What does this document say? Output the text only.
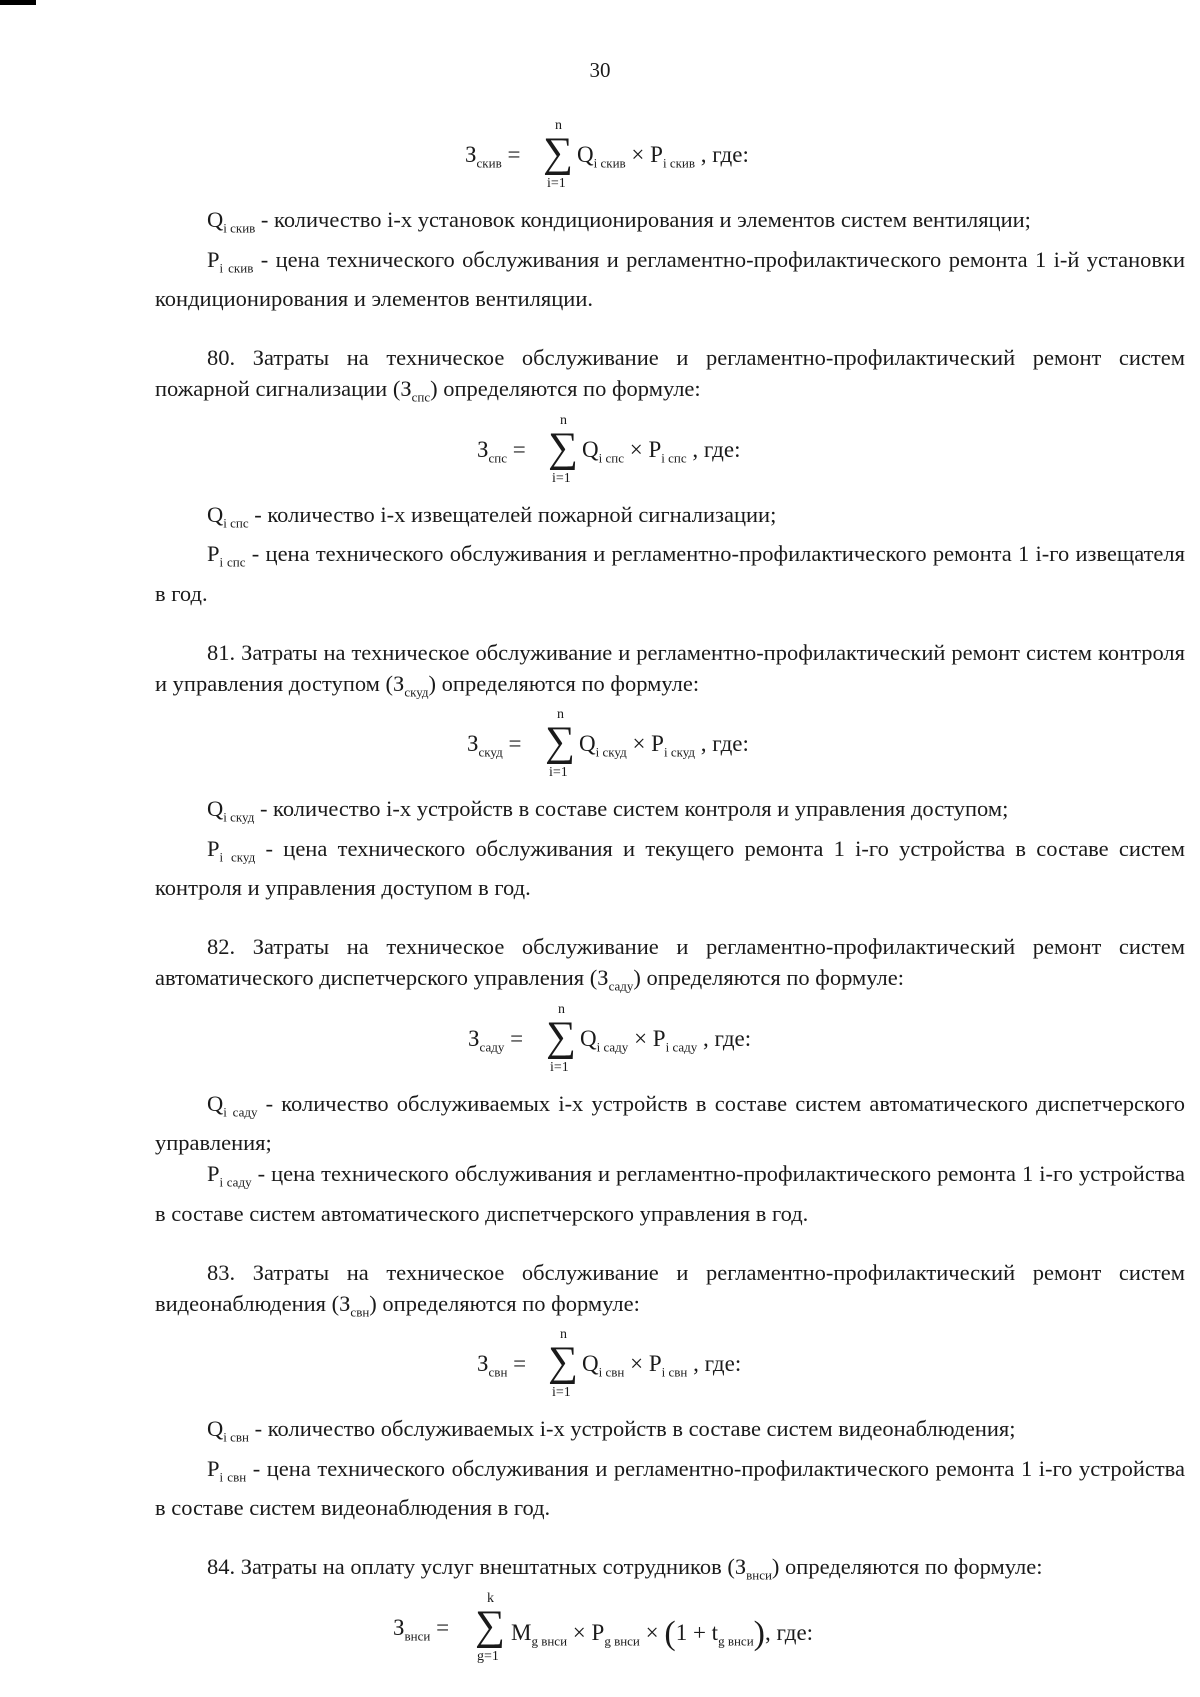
30
$З_{скив}$ =
n
∑
i=1
$Q_{i скив} \times P_{i скив}$ , где:

$Q_{i скив}$ - количество i-х установок кондиционирования и элементов систем вентиляции;

$P_{i скив}$ - цена технического обслуживания и регламентно-профилактического ремонта 1 i-й установки кондиционирования и элементов вентиляции.

80. Затраты на техническое обслуживание и регламентно-профилактический ремонт систем пожарной сигнализации $(З_{спс})$ определяются по формуле:

$З_{спс}$ =
n
∑
i=1
$Q_{i спс} \times P_{i спс}$ , где:

$Q_{i спс}$ - количество i-х извещателей пожарной сигнализации;

$P_{i спс}$ - цена технического обслуживания и регламентно-профилактического ремонта 1 i-го извещателя в год.

81. Затраты на техническое обслуживание и регламентно-профилактический ремонт систем контроля и управления доступом $(З_{скуд})$ определяются по формуле:

$З_{скуд}$ =
n
∑
i=1
$Q_{i скуд} \times P_{i скуд}$ , где:

$Q_{i скуд}$ - количество i-х устройств в составе систем контроля и управления доступом;

$P_{i скуд}$ - цена технического обслуживания и текущего ремонта 1 i-го устройства в составе систем контроля и управления доступом в год.

82. Затраты на техническое обслуживание и регламентно-профилактический ремонт систем автоматического диспетчерского управления $(З_{саду})$ определяются по формуле:

$З_{саду}$ =
n
∑
i=1
$Q_{i саду} \times P_{i саду}$ , где:

$Q_{i саду}$ - количество обслуживаемых i-х устройств в составе систем автоматического диспетчерского управления;

$P_{i саду}$ - цена технического обслуживания и регламентно-профилактического ремонта 1 i-го устройства в составе систем автоматического диспетчерского управления в год.

83. Затраты на техническое обслуживание и регламентно-профилактический ремонт систем видеонаблюдения $(З_{свн})$ определяются по формуле:

$З_{свн}$ =
n
∑
i=1
$Q_{i свн} \times P_{i свн}$ , где:

$Q_{i свн}$ - количество обслуживаемых i-х устройств в составе систем видеонаблюдения;

$P_{i свн}$ - цена технического обслуживания и регламентно-профилактического ремонта 1 i-го устройства в составе систем видеонаблюдения в год.

84. Затраты на оплату услуг внештатных сотрудников $(З_{внси})$ определяются по формуле:

$З_{внси}$ =
k
∑
g=1
$M_{g внси} \times P_{g внси} \times (1 + t_{g внси})$, где:
